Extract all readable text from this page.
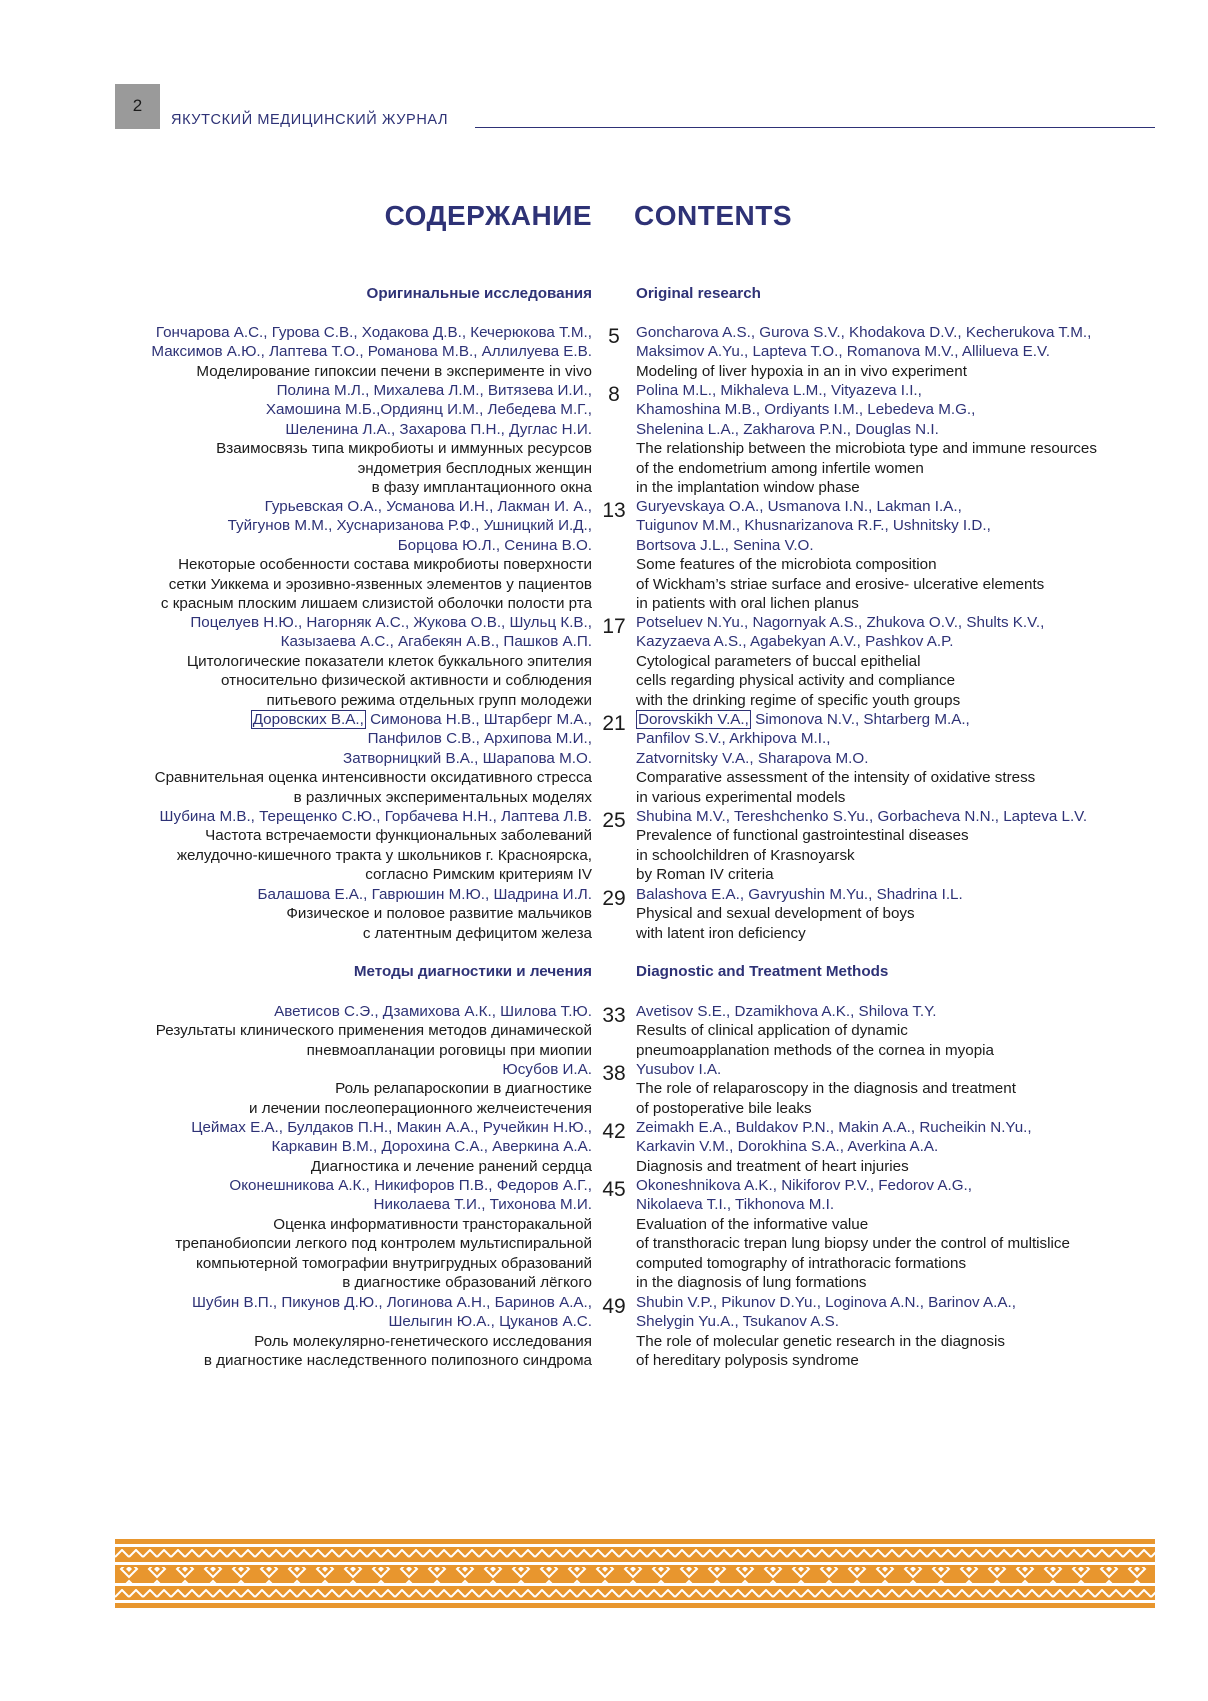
2
ЯКУТСКИЙ МЕДИЦИНСКИЙ ЖУРНАЛ
СОДЕРЖАНИЕ CONTENTS
Оригинальные исследования	Original research
5
Гончарова А.С., Гурова С.В., Ходакова Д.В., Кечерюкова Т.М.,
Максимов А.Ю., Лаптева Т.О., Романова М.В., Аллилуева Е.В.
Моделирование гипоксии печени в эксперименте in vivo
Goncharova A.S., Gurova S.V., Khodakova D.V., Kecherukova T.M.,
Maksimov A.Yu., Lapteva T.O., Romanova M.V., Allilueva E.V.
Modeling of liver hypoxia in an in vivo experiment
8
Полина М.Л., Михалева Л.М., Витязева И.И.,
Хамошина М.Б.,Ордиянц И.М., Лебедева М.Г.,
Шеленина Л.А., Захарова П.Н., Дуглас Н.И.
Взаимосвязь типа микробиоты и иммунных ресурсов
эндометрия бесплодных женщин
в фазу имплантационного окна
Polina M.L., Mikhaleva L.M., Vityazeva I.I.,
Khamoshina M.B., Ordiyants I.M., Lebedeva M.G.,
Shelenina L.A., Zakharova P.N., Douglas N.I.
The relationship between the microbiota type and immune resources
of the endometrium among infertile women
in the implantation window phase
13
Гурьевская О.А., Усманова И.Н., Лакман И. А.,
Туйгунов М.М., Хуснаризанова Р.Ф., Ушницкий И.Д.,
Борцова Ю.Л., Сенина В.О.
Некоторые особенности состава микробиоты поверхности
сетки Уиккема и эрозивно-язвенных элементов у пациентов
с красным плоским лишаем слизистой оболочки полости рта
Guryevskaya O.A., Usmanova I.N., Lakman I.A.,
Tuigunov M.M., Khusnarizanova R.F., Ushnitsky I.D.,
Bortsova J.L., Senina V.O.
Some features of the microbiota composition
of Wickham’s striae surface and erosive- ulcerative elements
in patients with oral lichen planus
17
Поцелуев Н.Ю., Нагорняк А.С., Жукова О.В., Шульц К.В.,
Казызаева А.С., Агабекян А.В., Пашков А.П.
Цитологические показатели клеток буккального эпителия
относительно физической активности и соблюдения
питьевого режима отдельных групп молодежи
Potseluev N.Yu., Nagornyak A.S., Zhukova O.V., Shults K.V.,
Kazyzaeva A.S., Agabekyan A.V., Pashkov A.P.
Cytological parameters of buccal epithelial
cells regarding physical activity and compliance
with the drinking regime of specific youth groups
21
Доровских В.А., Симонова Н.В., Штарберг М.А.,
Панфилов С.В., Архипова М.И.,
Затворницкий В.А., Шарапова М.О.
Сравнительная оценка интенсивности оксидативного стресса
в различных экспериментальных моделях
Dorovskikh V.A., Simonova N.V., Shtarberg M.A.,
Panfilov S.V., Arkhipova M.I.,
Zatvornitsky V.A., Sharapova M.O.
Comparative assessment of the intensity of oxidative stress
in various experimental models
25
Шубина М.В., Терещенко С.Ю., Горбачева Н.Н., Лаптева Л.В.
Частота встречаемости функциональных заболеваний
желудочно-кишечного тракта у школьников г. Красноярска,
согласно Римским критериям IV
Shubina M.V., Tereshchenko S.Yu., Gorbacheva N.N., Lapteva L.V.
Prevalence of functional gastrointestinal diseases
in schoolchildren of Krasnoyarsk
by Roman IV criteria
29
Балашова Е.А., Гаврюшин М.Ю., Шадрина И.Л.
Физическое и половое развитие мальчиков
с латентным дефицитом железа
Balashova E.A., Gavryushin M.Yu., Shadrina I.L.
Physical and sexual development of boys
with latent iron deficiency
Методы диагностики и лечения	Diagnostic and Treatment Methods
33
Аветисов С.Э., Дзамихова А.К., Шилова Т.Ю.
Результаты клинического применения методов динамической
пневмоапланации роговицы при миопии
Avetisov S.E., Dzamikhova A.K., Shilova T.Y.
Results of clinical application of dynamic
pneumoapplanation methods of the cornea in myopia
38
Юсубов И.А.
Роль релапароскопии в диагностике
и лечении послеоперационного желчеистечения
Yusubov I.A.
The role of relaparoscopy in the diagnosis and treatment
of postoperative bile leaks
42
Цеймах Е.А., Булдаков П.Н., Макин А.А., Ручейкин Н.Ю.,
Каркавин В.М., Дорохина С.А., Аверкина А.А.
Диагностика и лечение ранений сердца
Zeimakh E.A., Buldakov P.N., Makin A.A., Rucheikin N.Yu.,
Karkavin V.M., Dorokhina S.A., Averkina A.A.
Diagnosis and treatment of heart injuries
45
Оконешникова А.К., Никифоров П.В., Федоров А.Г.,
Николаева Т.И., Тихонова М.И.
Оценка информативности трансторакальной
трепанобиопсии легкого под контролем мультиспиральной
компьютерной томографии внутригрудных образований
в диагностике образований лёгкого
Okoneshnikova A.K., Nikiforov P.V., Fedorov A.G.,
Nikolaeva T.I., Tikhonova M.I.
Evaluation of the informative value
of transthoracic trepan lung biopsy under the control of multislice
computed tomography of intrathoracic formations
in the diagnosis of lung formations
49
Шубин В.П., Пикунов Д.Ю., Логинова А.Н., Баринов А.А.,
Шелыгин Ю.А., Цуканов А.С.
Роль молекулярно-генетического исследования
в диагностике наследственного полипозного синдрома
Shubin V.P., Pikunov D.Yu., Loginova A.N., Barinov A.A.,
Shelygin Yu.A., Tsukanov A.S.
The role of molecular genetic research in the diagnosis
of hereditary polyposis syndrome
